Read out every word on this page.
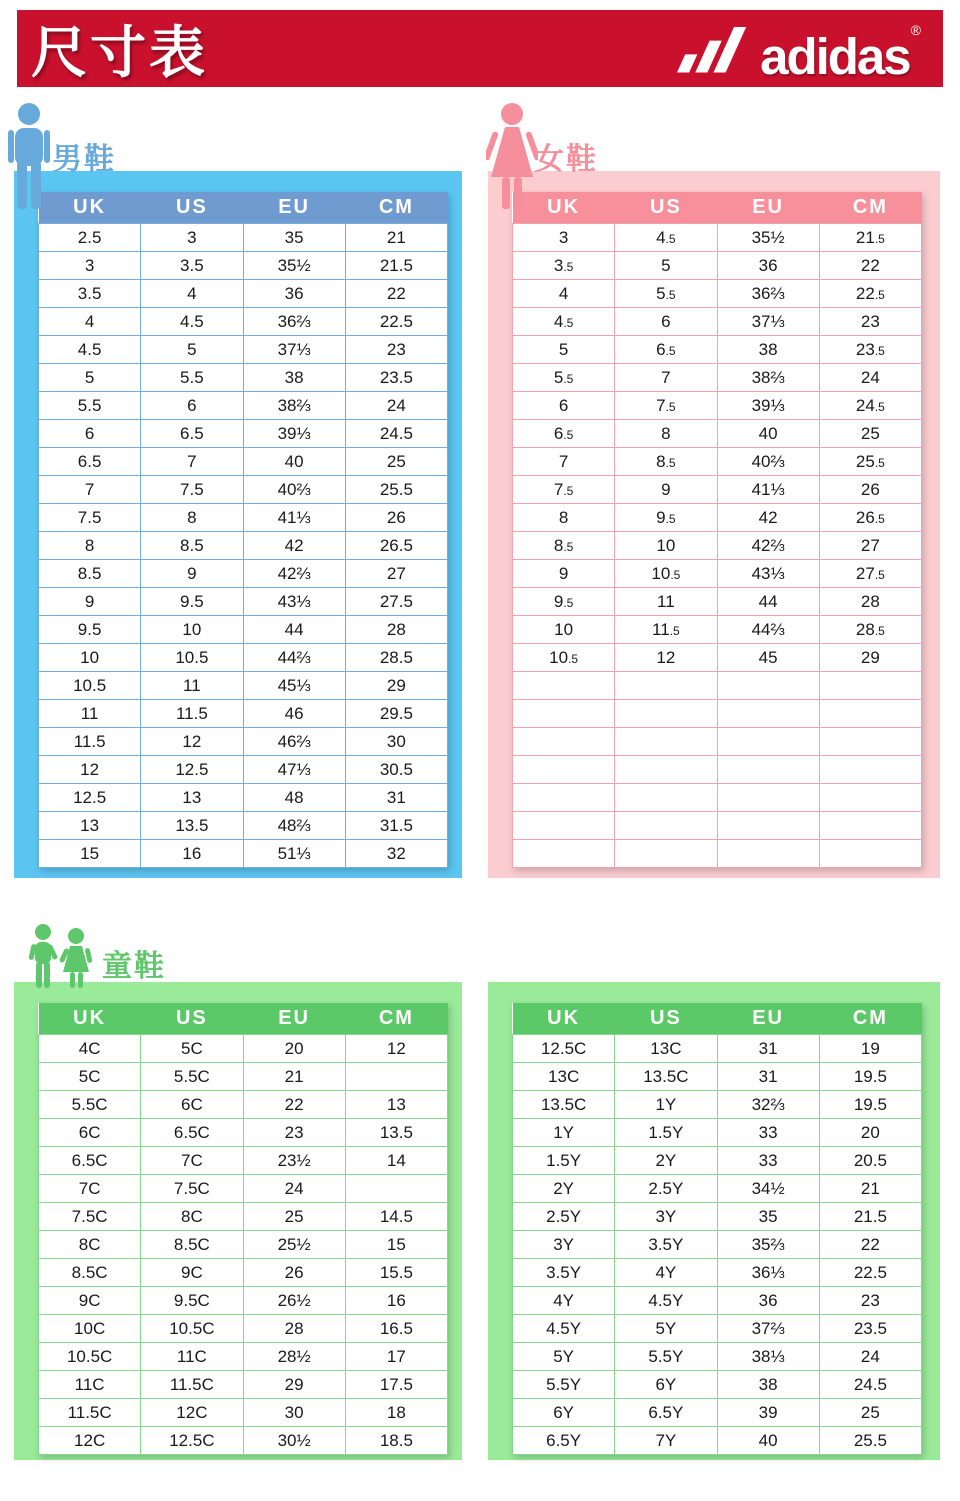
尺寸表	adidas ®
男鞋
UK	US	EU	CM
2.5	3	35	21
3	3.5	35½	21.5
3.5	4	36	22
4	4.5	36⅔	22.5
4.5	5	37⅓	23
5	5.5	38	23.5
5.5	6	38⅔	24
6	6.5	39⅓	24.5
6.5	7	40	25
7	7.5	40⅔	25.5
7.5	8	41⅓	26
8	8.5	42	26.5
8.5	9	42⅔	27
9	9.5	43⅓	27.5
9.5	10	44	28
10	10.5	44⅔	28.5
10.5	11	45⅓	29
11	11.5	46	29.5
11.5	12	46⅔	30
12	12.5	47⅓	30.5
12.5	13	48	31
13	13.5	48⅔	31.5
15	16	51⅓	32
女鞋
UK	US	EU	CM
3	4.5	35½	21.5
3.5	5	36	22
4	5.5	36⅔	22.5
4.5	6	37⅓	23
5	6.5	38	23.5
5.5	7	38⅔	24
6	7.5	39⅓	24.5
6.5	8	40	25
7	8.5	40⅔	25.5
7.5	9	41⅓	26
8	9.5	42	26.5
8.5	10	42⅔	27
9	10.5	43⅓	27.5
9.5	11	44	28
10	11.5	44⅔	28.5
10.5	12	45	29

童鞋
UK	US	EU	CM
4C	5C	20	12
5C	5.5C	21	
5.5C	6C	22	13
6C	6.5C	23	13.5
6.5C	7C	23½	14
7C	7.5C	24	
7.5C	8C	25	14.5
8C	8.5C	25½	15
8.5C	9C	26	15.5
9C	9.5C	26½	16
10C	10.5C	28	16.5
10.5C	11C	28½	17
11C	11.5C	29	17.5
11.5C	12C	30	18
12C	12.5C	30½	18.5
UK	US	EU	CM
12.5C	13C	31	19
13C	13.5C	31	19.5
13.5C	1Y	32⅔	19.5
1Y	1.5Y	33	20
1.5Y	2Y	33	20.5
2Y	2.5Y	34½	21
2.5Y	3Y	35	21.5
3Y	3.5Y	35⅔	22
3.5Y	4Y	36⅓	22.5
4Y	4.5Y	36	23
4.5Y	5Y	37⅔	23.5
5Y	5.5Y	38⅓	24
5.5Y	6Y	38	24.5
6Y	6.5Y	39	25
6.5Y	7Y	40	25.5
